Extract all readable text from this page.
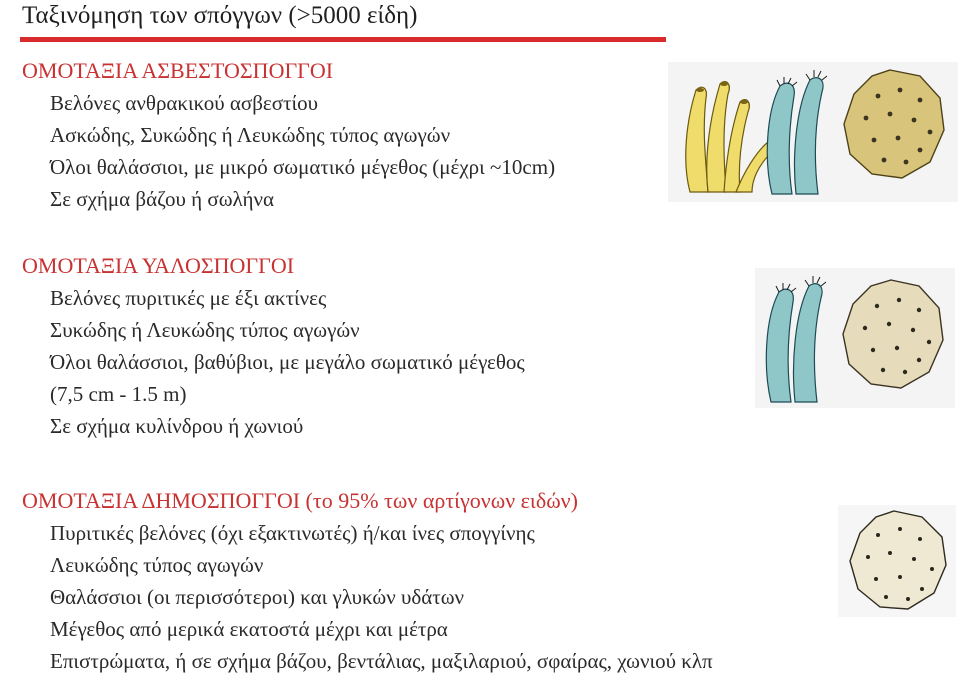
Ταξινόμηση των σπόγγων (>5000 είδη)
ΟΜΟΤΑΞΙΑ ΑΣΒΕΣΤΟΣΠΟΓΓΟΙ
Βελόνες ανθρακικού ασβεστίου
Ασκώδης, Συκώδης ή Λευκώδης τύπος αγωγών
Όλοι θαλάσσιοι, με μικρό σωματικό μέγεθος (μέχρι ~10cm)
Σε σχήμα βάζου ή σωλήνα
ΟΜΟΤΑΞΙΑ ΥΑΛΟΣΠΟΓΓΟΙ
Βελόνες πυριτικές με έξι ακτίνες
Συκώδης ή Λευκώδης τύπος αγωγών
Όλοι θαλάσσιοι, βαθύβιοι, με μεγάλο σωματικό μέγεθος
(7,5 cm - 1.5 m)
Σε σχήμα κυλίνδρου ή χωνιού
ΟΜΟΤΑΞΙΑ ΔΗΜΟΣΠΟΓΓΟΙ (το 95% των αρτίγονων ειδών)
Πυριτικές βελόνες (όχι εξακτινωτές) ή/και ίνες σπογγίνης
Λευκώδης τύπος αγωγών
Θαλάσσιοι (οι περισσότεροι) και γλυκών υδάτων
Μέγεθος από μερικά εκατοστά μέχρι και μέτρα
Επιστρώματα, ή σε σχήμα βάζου, βεντάλιας, μαξιλαριού, σφαίρας, χωνιού κλπ
